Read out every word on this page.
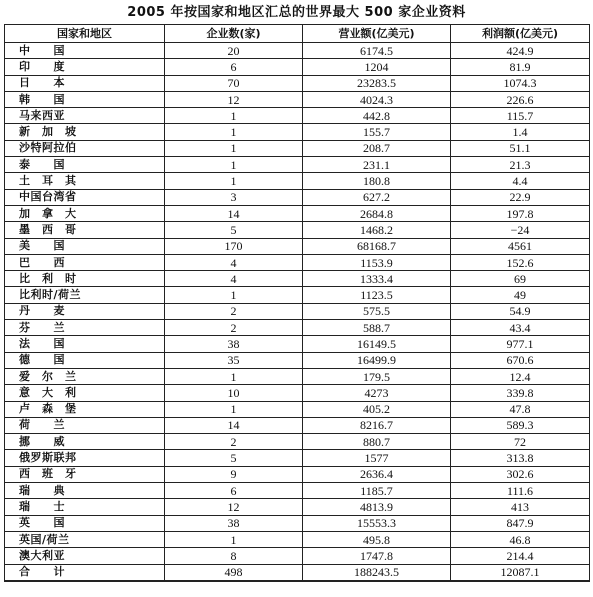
2005 年按国家和地区汇总的世界最大 500 家企业资料
国家和地区	企业数(家)	营业额(亿美元)	利润额(亿美元)
中　　国	20	6174.5	424.9
印　　度	6	1204	81.9
日　　本	70	23283.5	1074.3
韩　　国	12	4024.3	226.6
马来西亚	1	442.8	115.7
新　加　坡	1	155.7	1.4
沙特阿拉伯	1	208.7	51.1
泰　　国	1	231.1	21.3
土　耳　其	1	180.8	4.4
中国台湾省	3	627.2	22.9
加　拿　大	14	2684.8	197.8
墨　西　哥	5	1468.2	−24
美　　国	170	68168.7	4561
巴　　西	4	1153.9	152.6
比　利　时	4	1333.4	69
比利时/荷兰	1	1123.5	49
丹　　麦	2	575.5	54.9
芬　　兰	2	588.7	43.4
法　　国	38	16149.5	977.1
德　　国	35	16499.9	670.6
爱　尔　兰	1	179.5	12.4
意　大　利	10	4273	339.8
卢　森　堡	1	405.2	47.8
荷　　兰	14	8216.7	589.3
挪　　威	2	880.7	72
俄罗斯联邦	5	1577	313.8
西　班　牙	9	2636.4	302.6
瑞　　典	6	1185.7	111.6
瑞　　士	12	4813.9	413
英　　国	38	15553.3	847.9
英国/荷兰	1	495.8	46.8
澳大利亚	8	1747.8	214.4
合　　计	498	188243.5	12087.1
